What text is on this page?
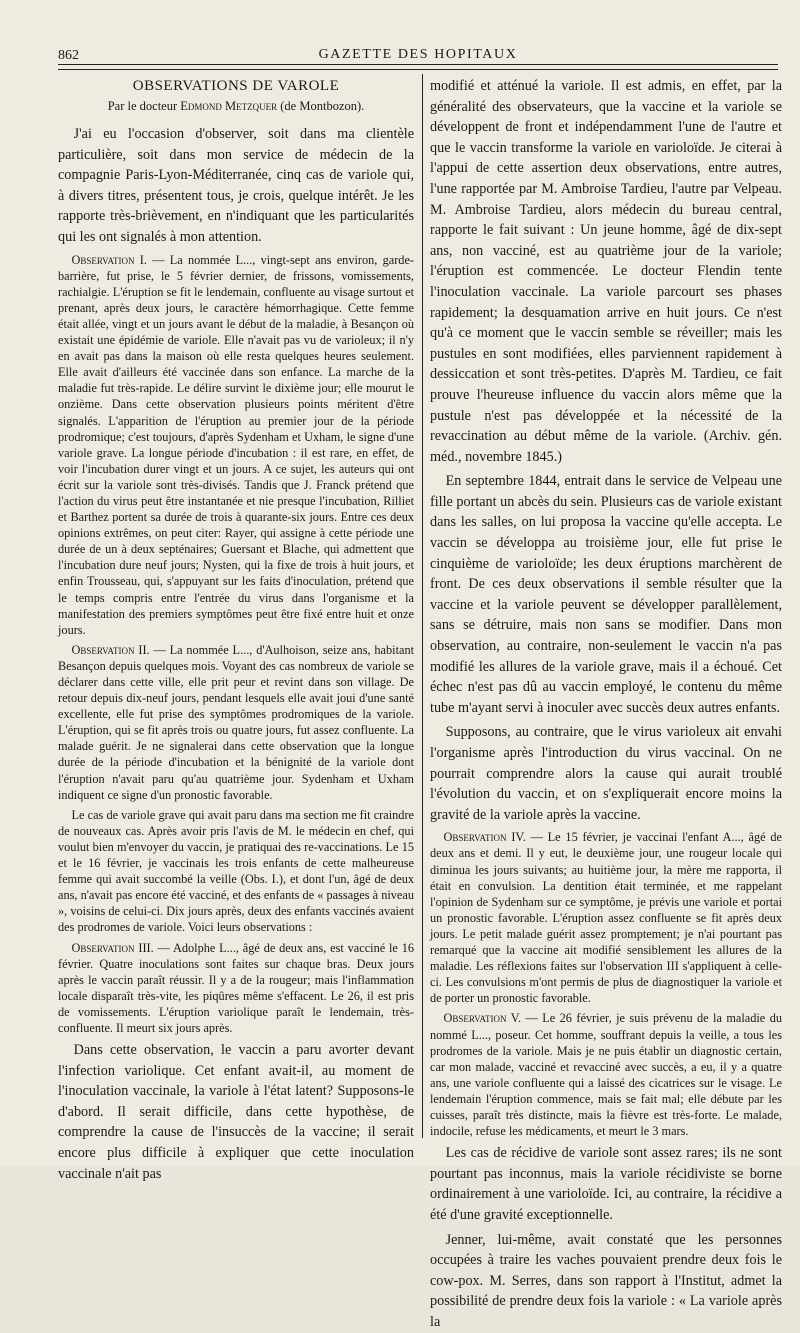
862	GAZETTE DES HOPITAUX
OBSERVATIONS DE VAROLE
Par le docteur Edmond Metzquer (de Montbozon).

J'ai eu l'occasion d'observer, soit dans ma clientèle particulière, soit dans mon service de médecin de la compagnie Paris-Lyon-Méditerranée, cinq cas de variole qui, à divers titres, présentent tous, je crois, quelque intérêt. Je les rapporte très-brièvement, en n'indiquant que les particularités qui les ont signalés à mon attention.

Observation I. — La nommée L..., vingt-sept ans environ, garde-barrière, fut prise, le 5 février dernier, de frissons, vomissements, rachialgie. L'éruption se fit le lendemain, confluente au visage surtout et prenant, après deux jours, le caractère hémorrhagique. Cette femme était allée, vingt et un jours avant le début de la maladie, à Besançon où existait une épidémie de variole. Elle n'avait pas vu de varioleux; il n'y en avait pas dans la maison où elle resta quelques heures seulement. Elle avait d'ailleurs été vaccinée dans son enfance. La marche de la maladie fut très-rapide. Le délire survint le dixième jour; elle mourut le onzième. Dans cette observation plusieurs points méritent d'être signalés. L'apparition de l'éruption au premier jour de la période prodromique; c'est toujours, d'après Sydenham et Uxham, le signe d'une variole grave. La longue période d'incubation : il est rare, en effet, de voir l'incubation durer vingt et un jours. A ce sujet, les auteurs qui ont écrit sur la variole sont très-divisés. Tandis que J. Franck prétend que l'action du virus peut être instantanée et nie presque l'incubation, Rilliet et Barthez portent sa durée de trois à quarante-six jours. Entre ces deux opinions extrêmes, on peut citer: Rayer, qui assigne à cette période une durée de un à deux septénaires; Guersant et Blache, qui admettent que l'incubation dure neuf jours; Nysten, qui la fixe de trois à huit jours, et enfin Trousseau, qui, s'appuyant sur les faits d'inoculation, prétend que le temps compris entre l'entrée du virus dans l'organisme et la manifestation des premiers symptômes peut être fixé entre huit et onze jours.

Observation II. — La nommée L..., d'Aulhoison, seize ans, habitant Besançon depuis quelques mois. Voyant des cas nombreux de variole se déclarer dans cette ville, elle prit peur et revint dans son village. De retour depuis dix-neuf jours, pendant lesquels elle avait joui d'une santé excellente, elle fut prise des symptômes prodromiques de la variole. L'éruption, qui se fit après trois ou quatre jours, fut assez confluente. La malade guérit. Je ne signalerai dans cette observation que la longue durée de la période d'incubation et la bénignité de la variole dont l'éruption n'avait paru qu'au quatrième jour. Sydenham et Uxham indiquent ce signe d'un pronostic favorable.

Le cas de variole grave qui avait paru dans ma section me fit craindre de nouveaux cas. Après avoir pris l'avis de M. le médecin en chef, qui voulut bien m'envoyer du vaccin, je pratiquai des re-vaccinations. Le 15 et le 16 février, je vaccinais les trois enfants de cette malheureuse femme qui avait succombé la veille (Obs. I.), et dont l'un, âgé de deux ans, n'avait pas encore été vacciné, et des enfants de « passages à niveau », voisins de celui-ci. Dix jours après, deux des enfants vaccinés avaient des prodromes de variole. Voici leurs observations :

Observation III. — Adolphe L..., âgé de deux ans, est vacciné le 16 février. Quatre inoculations sont faites sur chaque bras. Deux jours après le vaccin paraît réussir. Il y a de la rougeur; mais l'inflammation locale disparaît très-vite, les piqûres même s'effacent. Le 26, il est pris de vomissements. L'éruption variolique paraît le lendemain, très-confluente. Il meurt six jours après.

Dans cette observation, le vaccin a paru avorter devant l'infection variolique. Cet enfant avait-il, au moment de l'inoculation vaccinale, la variole à l'état latent? Supposons-le d'abord. Il serait difficile, dans cette hypothèse, de comprendre la cause de l'insuccès de la vaccine; il serait encore plus difficile à expliquer que cette inoculation vaccinale n'ait pas

modifié et atténué la variole. Il est admis, en effet, par la généralité des observateurs, que la vaccine et la variole se développent de front et indépendamment l'une de l'autre et que le vaccin transforme la variole en varioloïde. Je citerai à l'appui de cette assertion deux observations, entre autres, l'une rapportée par M. Ambroise Tardieu, l'autre par Velpeau. M. Ambroise Tardieu, alors médecin du bureau central, rapporte le fait suivant : Un jeune homme, âgé de dix-sept ans, non vacciné, est au quatrième jour de la variole; l'éruption est commencée. Le docteur Flendin tente l'inoculation vaccinale. La variole parcourt ses phases rapidement; la desquamation arrive en huit jours. Ce n'est qu'à ce moment que le vaccin semble se réveiller; mais les pustules en sont modifiées, elles parviennent rapidement à dessiccation et sont très-petites. D'après M. Tardieu, ce fait prouve l'heureuse influence du vaccin alors même que la pustule n'est pas développée et la nécessité de la revaccination au début même de la variole. (Archiv. gén. méd., novembre 1845.)

En septembre 1844, entrait dans le service de Velpeau une fille portant un abcès du sein. Plusieurs cas de variole existant dans les salles, on lui proposa la vaccine qu'elle accepta. Le vaccin se développa au troisième jour, elle fut prise le cinquième de varioloïde; les deux éruptions marchèrent de front. De ces deux observations il semble résulter que la vaccine et la variole peuvent se développer parallèlement, sans se détruire, mais non sans se modifier. Dans mon observation, au contraire, non-seulement le vaccin n'a pas modifié les allures de la variole grave, mais il a échoué. Cet échec n'est pas dû au vaccin employé, le contenu du même tube m'ayant servi à inoculer avec succès deux autres enfants.

Supposons, au contraire, que le virus varioleux ait envahi l'organisme après l'introduction du virus vaccinal. On ne pourrait comprendre alors la cause qui aurait troublé l'évolution du vaccin, et on s'expliquerait encore moins la gravité de la variole après la vaccine.

Observation IV. — Le 15 février, je vaccinai l'enfant A..., âgé de deux ans et demi. Il y eut, le deuxième jour, une rougeur locale qui diminua les jours suivants; au huitième jour, la mère me rapporta, il était en convulsion. La dentition était terminée, et me rappelant l'opinion de Sydenham sur ce symptôme, je prévis une variole et portai un pronostic favorable. L'éruption assez confluente se fit après deux jours. Le petit malade guérit assez promptement; je n'ai pourtant pas remarqué que la vaccine ait modifié sensiblement les allures de la maladie. Les réflexions faites sur l'observation III s'appliquent à celle-ci. Les convulsions m'ont permis de plus de diagnostiquer la variole et de porter un pronostic favorable.

Observation V. — Le 26 février, je suis prévenu de la maladie du nommé L..., poseur. Cet homme, souffrant depuis la veille, a tous les prodromes de la variole. Mais je ne puis établir un diagnostic certain, car mon malade, vacciné et revacciné avec succès, a eu, il y a quatre ans, une variole confluente qui a laissé des cicatrices sur le visage. Le lendemain l'éruption commence, mais se fait mal; elle débute par les cuisses, paraît très distincte, mais la fièvre est très-forte. Le malade, indocile, refuse les médicaments, et meurt le 3 mars.

Les cas de récidive de variole sont assez rares; ils ne sont pourtant pas inconnus, mais la variole récidiviste se borne ordinairement à une varioloïde. Ici, au contraire, la récidive a été d'une gravité exceptionnelle.

Jenner, lui-même, avait constaté que les personnes occupées à traire les vaches pouvaient prendre deux fois le cow-pox. M. Serres, dans son rapport à l'Institut, admet la possibilité de prendre deux fois la variole : « La variole après la
